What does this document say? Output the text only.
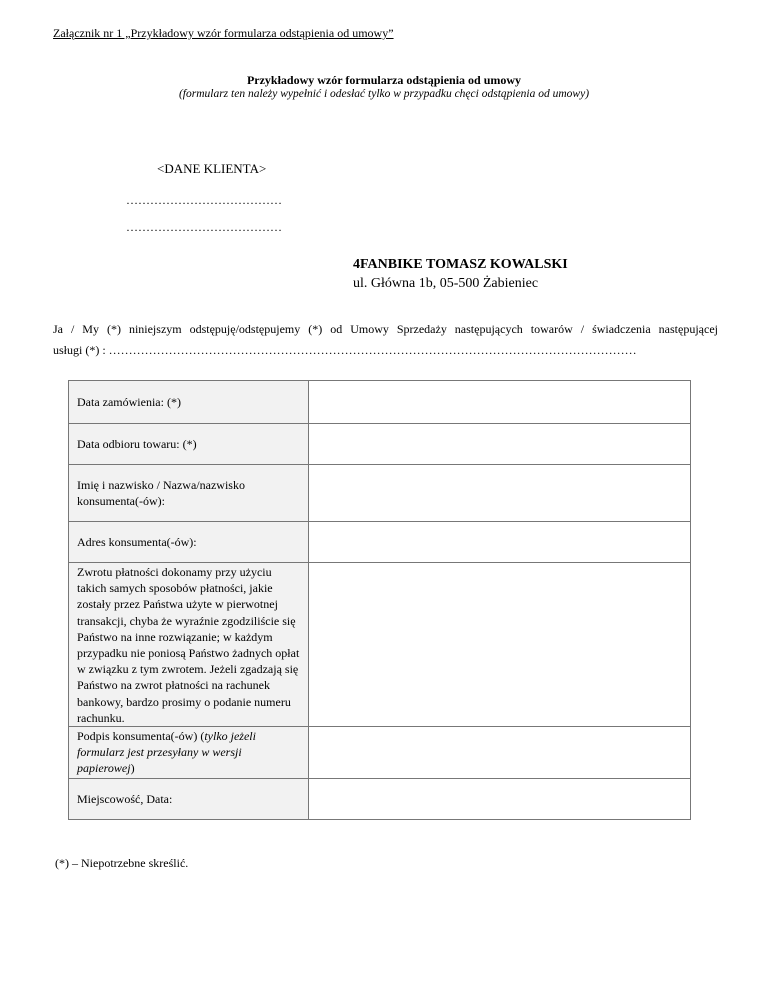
Załącznik nr 1 „Przykładowy wzór formularza odstąpienia od umowy”
Przykładowy wzór formularza odstąpienia od umowy
(formularz ten należy wypełnić i odesłać tylko w przypadku chęci odstąpienia od umowy)
<DANE KLIENTA>
…………………………………
…………………………………
4FANBIKE TOMASZ KOWALSKI
ul. Główna 1b, 05-500 Żabieniec
Ja / My (*) niniejszym odstępuję/odstępujemy (*) od Umowy Sprzedaży następujących towarów / świadczenia następującej
usługi (*) : ……………………………………………………………………………………………………………………
Data zamówienia: (*)	
Data odbioru towaru: (*)	
Imię i nazwisko / Nazwa/nazwisko konsumenta(-ów):	
Adres konsumenta(-ów):	
Zwrotu płatności dokonamy przy użyciu takich samych sposobów płatności, jakie zostały przez Państwa użyte w pierwotnej transakcji, chyba że wyraźnie zgodziliście się Państwo na inne rozwiązanie; w każdym przypadku nie poniosą Państwo żadnych opłat w związku z tym zwrotem. Jeżeli zgadzają się Państwo na zwrot płatności na rachunek bankowy, bardzo prosimy o podanie numeru rachunku.	
Podpis konsumenta(-ów) (tylko jeżeli formularz jest przesyłany w wersji papierowej)	
Miejscowość, Data:	
(*) – Niepotrzebne skreślić.
